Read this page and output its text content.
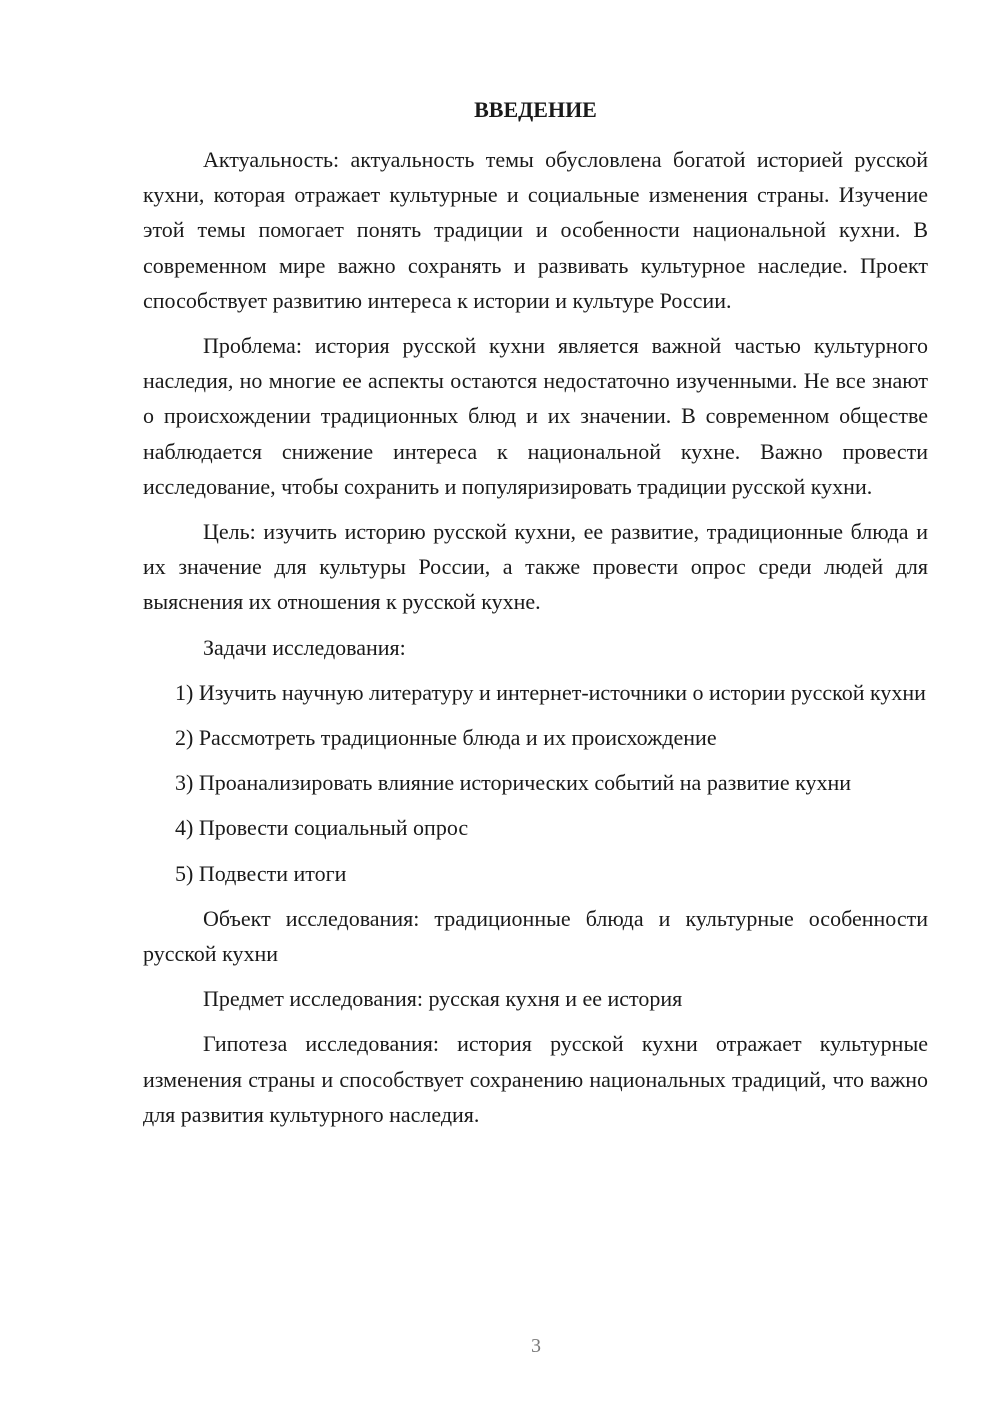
ВВЕДЕНИЕ

Актуальность: актуальность темы обусловлена богатой историей русской кухни, которая отражает культурные и социальные изменения страны. Изучение этой темы помогает понять традиции и особенности национальной кухни. В современном мире важно сохранять и развивать культурное наследие. Проект способствует развитию интереса к истории и культуре России.

Проблема: история русской кухни является важной частью культурного наследия, но многие ее аспекты остаются недостаточно изученными. Не все знают о происхождении традиционных блюд и их значении. В современном обществе наблюдается снижение интереса к национальной кухне. Важно провести исследование, чтобы сохранить и популяризировать традиции русской кухни.

Цель: изучить историю русской кухни, ее развитие, традиционные блюда и их значение для культуры России, а также провести опрос среди людей для выяснения их отношения к русской кухне.

Задачи исследования:

1) Изучить научную литературу и интернет-источники о истории русской кухни

2) Рассмотреть традиционные блюда и их происхождение

3) Проанализировать влияние исторических событий на развитие кухни

4) Провести социальный опрос

5) Подвести итоги

Объект исследования: традиционные блюда и культурные особенности русской кухни

Предмет исследования: русская кухня и ее история

Гипотеза исследования: история русской кухни отражает культурные изменения страны и способствует сохранению национальных традиций, что важно для развития культурного наследия.

3
